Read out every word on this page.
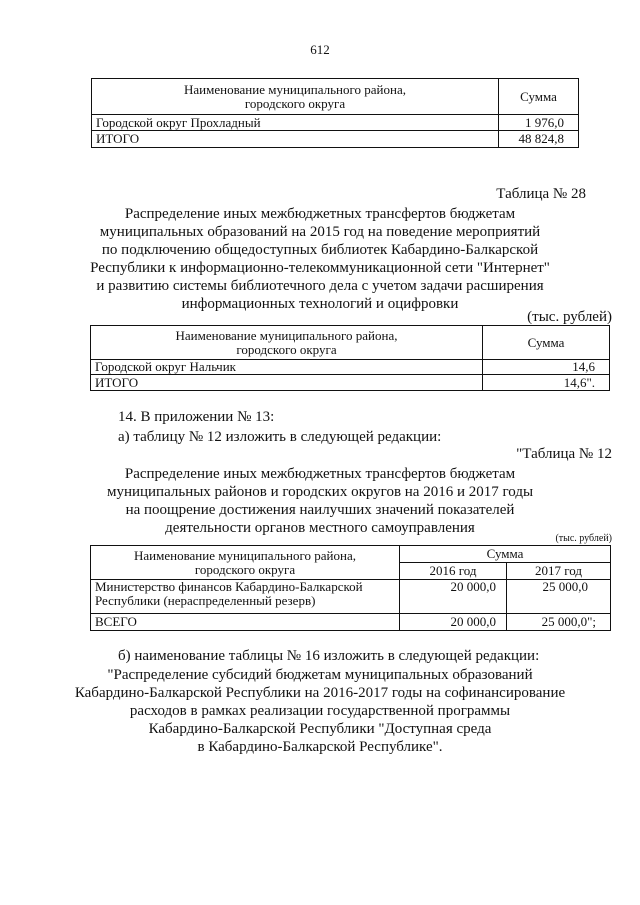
612
Наименование муниципального района,
городского округа	Сумма
Городской округ Прохладный	1 976,0
ИТОГО	48 824,8
Таблица № 28
Распределение иных межбюджетных трансфертов бюджетам
муниципальных образований на 2015 год на поведение мероприятий
по подключению общедоступных библиотек Кабардино-Балкарской
Республики к информационно-телекоммуникационной сети "Интернет"
и развитию системы библиотечного дела с учетом задачи расширения
информационных технологий и оцифровки
(тыс. рублей)
Наименование муниципального района,
городского округа	Сумма
Городской округ Нальчик	14,6
ИТОГО	14,6".
14. В приложении № 13:
а) таблицу № 12 изложить в следующей редакции:
"Таблица № 12
Распределение иных межбюджетных трансфертов бюджетам
муниципальных районов и городских округов на 2016 и 2017 годы
на поощрение достижения наилучших значений показателей
деятельности органов местного самоуправления
(тыс. рублей)
Наименование муниципального района,
городского округа	Сумма	
	2016 год	2017 год

Министерство финансов Кабардино-Балкарской
Республики (нераспределенный резерв)	20 000,0	25 000,0
ВСЕГО	20 000,0	25 000,0";
б) наименование таблицы № 16 изложить в следующей редакции:
"Распределение субсидий бюджетам муниципальных образований
Кабардино-Балкарской Республики на 2016-2017 годы на софинансирование
расходов в рамках реализации государственной программы
Кабардино-Балкарской Республики "Доступная среда
в Кабардино-Балкарской Республике".
